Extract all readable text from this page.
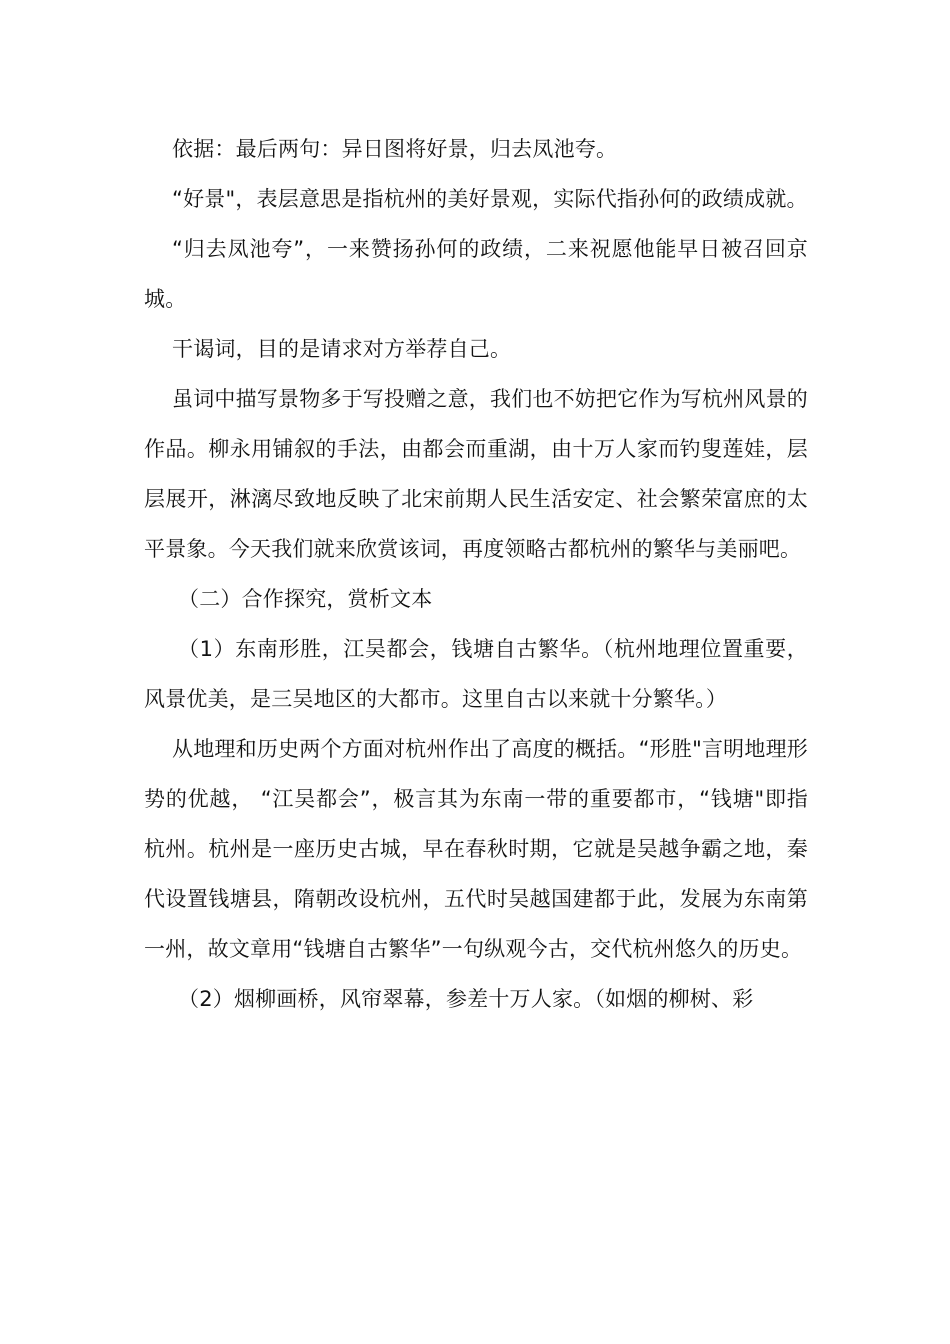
依据：最后两句：异日图将好景，归去凤池夸。

“好景"，表层意思是指杭州的美好景观，实际代指孙何的政绩成就。

“归去凤池夸”，一来赞扬孙何的政绩，二来祝愿他能早日被召回京城。

干谒词，目的是请求对方举荐自己。

虽词中描写景物多于写投赠之意，我们也不妨把它作为写杭州风景的作品。柳永用铺叙的手法，由都会而重湖，由十万人家而钓叟莲娃，层层展开，淋漓尽致地反映了北宋前期人民生活安定、社会繁荣富庶的太平景象。今天我们就来欣赏该词，再度领略古都杭州的繁华与美丽吧。

（二）合作探究，赏析文本

（1）东南形胜，江吴都会，钱塘自古繁华。（杭州地理位置重要，风景优美，是三吴地区的大都市。这里自古以来就十分繁华。）

从地理和历史两个方面对杭州作出了高度的概括。“形胜"言明地理形势的优越， “江吴都会”，极言其为东南一带的重要都市，“钱塘"即指杭州。杭州是一座历史古城，早在春秋时期，它就是吴越争霸之地，秦代设置钱塘县，隋朝改设杭州，五代时吴越国建都于此，发展为东南第一州，故文章用“钱塘自古繁华”一句纵观今古，交代杭州悠久的历史。

（2）烟柳画桥，风帘翠幕，参差十万人家。（如烟的柳树、彩
